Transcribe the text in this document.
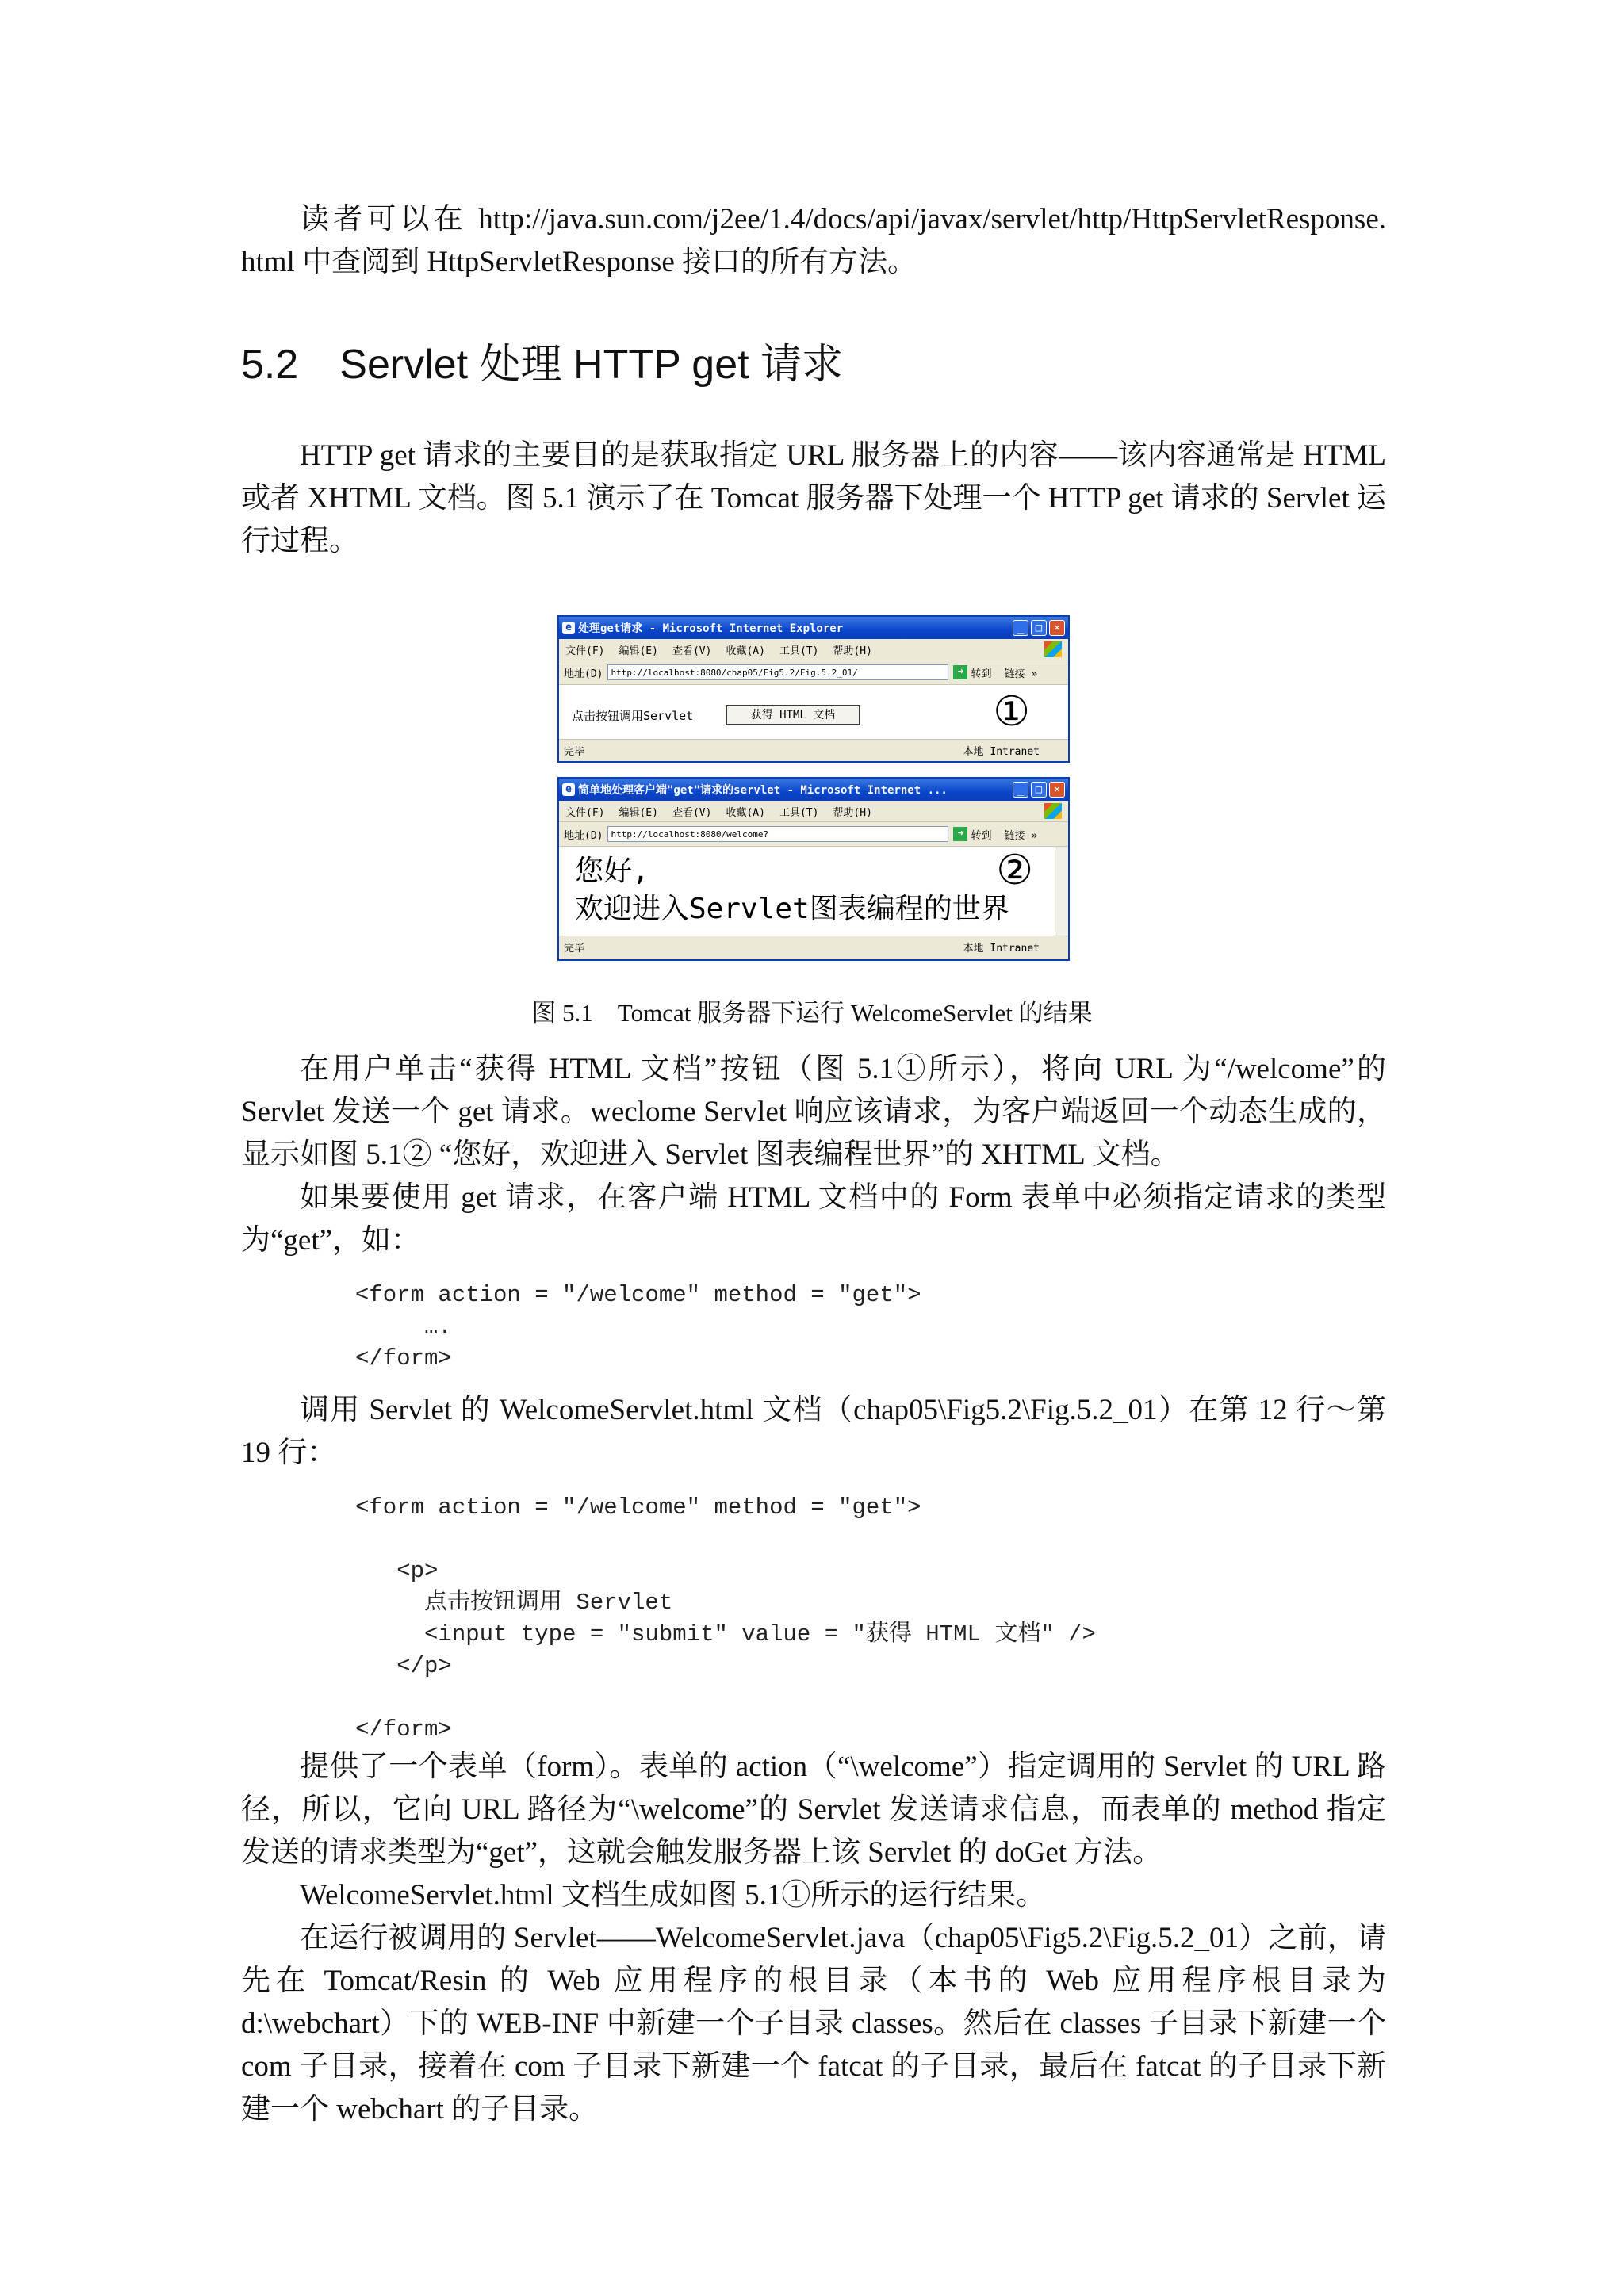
读者可以在 http://java.sun.com/j2ee/1.4/docs/api/javax/servlet/http/HttpServletResponse. html 中查阅到 HttpServletResponse 接口的所有方法。

5.2　Servlet 处理 HTTP get 请求

HTTP get 请求的主要目的是获取指定 URL 服务器上的内容——该内容通常是 HTML 或者 XHTML 文档。图 5.1 演示了在 Tomcat 服务器下处理一个 HTTP get 请求的 Servlet 运行过程。

e 处理get请求 - Microsoft Internet Explorer	_	□	×
文件(F) 编辑(E) 查看(V) 收藏(A) 工具(T) 帮助(H)
地址(D) http://localhost:8080/chap05/Fig5.2/Fig.5.2_01/	➜ 转到 链接 »
点击按钮调用Servlet	获得 HTML 文档	①
完毕	本地 Intranet
e 简单地处理客户端"get"请求的servlet - Microsoft Internet ...	_	□	×
文件(F) 编辑(E) 查看(V) 收藏(A) 工具(T) 帮助(H)
地址(D) http://localhost:8080/welcome?	➜ 转到 链接 »
您好,
欢迎进入Servlet图表编程的世界
②
完毕	本地 Intranet
图 5.1　Tomcat 服务器下运行 WelcomeServlet 的结果

在用户单击“获得 HTML 文档”按钮（图 5.1①所示），将向 URL 为“/welcome”的 Servlet 发送一个 get 请求。weclome Servlet 响应该请求，为客户端返回一个动态生成的，显示如图 5.1② “您好，欢迎进入 Servlet 图表编程世界”的 XHTML 文档。

如果要使用 get 请求，在客户端 HTML 文档中的 Form 表单中必须指定请求的类型为“get”，如：

<form action = "/welcome" method = "get">
….
</form>

调用 Servlet 的 WelcomeServlet.html 文档（chap05\Fig5.2\Fig.5.2_01）在第 12 行～第 19 行：

<form action = "/welcome" method = "get">

<p>
点击按钮调用 Servlet
<input type = "submit" value = "获得 HTML 文档" />
</p>

</form>

提供了一个表单（form）。表单的 action（“\welcome”）指定调用的 Servlet 的 URL 路径，所以，它向 URL 路径为“\welcome”的 Servlet 发送请求信息，而表单的 method 指定发送的请求类型为“get”，这就会触发服务器上该 Servlet 的 doGet 方法。

WelcomeServlet.html 文档生成如图 5.1①所示的运行结果。

在运行被调用的 Servlet——WelcomeServlet.java（chap05\Fig5.2\Fig.5.2_01）之前，请先在 Tomcat/Resin 的 Web 应用程序的根目录（本书的 Web 应用程序根目录为 d:\webchart）下的 WEB-INF 中新建一个子目录 classes。然后在 classes 子目录下新建一个 com 子目录，接着在 com 子目录下新建一个 fatcat 的子目录，最后在 fatcat 的子目录下新建一个 webchart 的子目录。
